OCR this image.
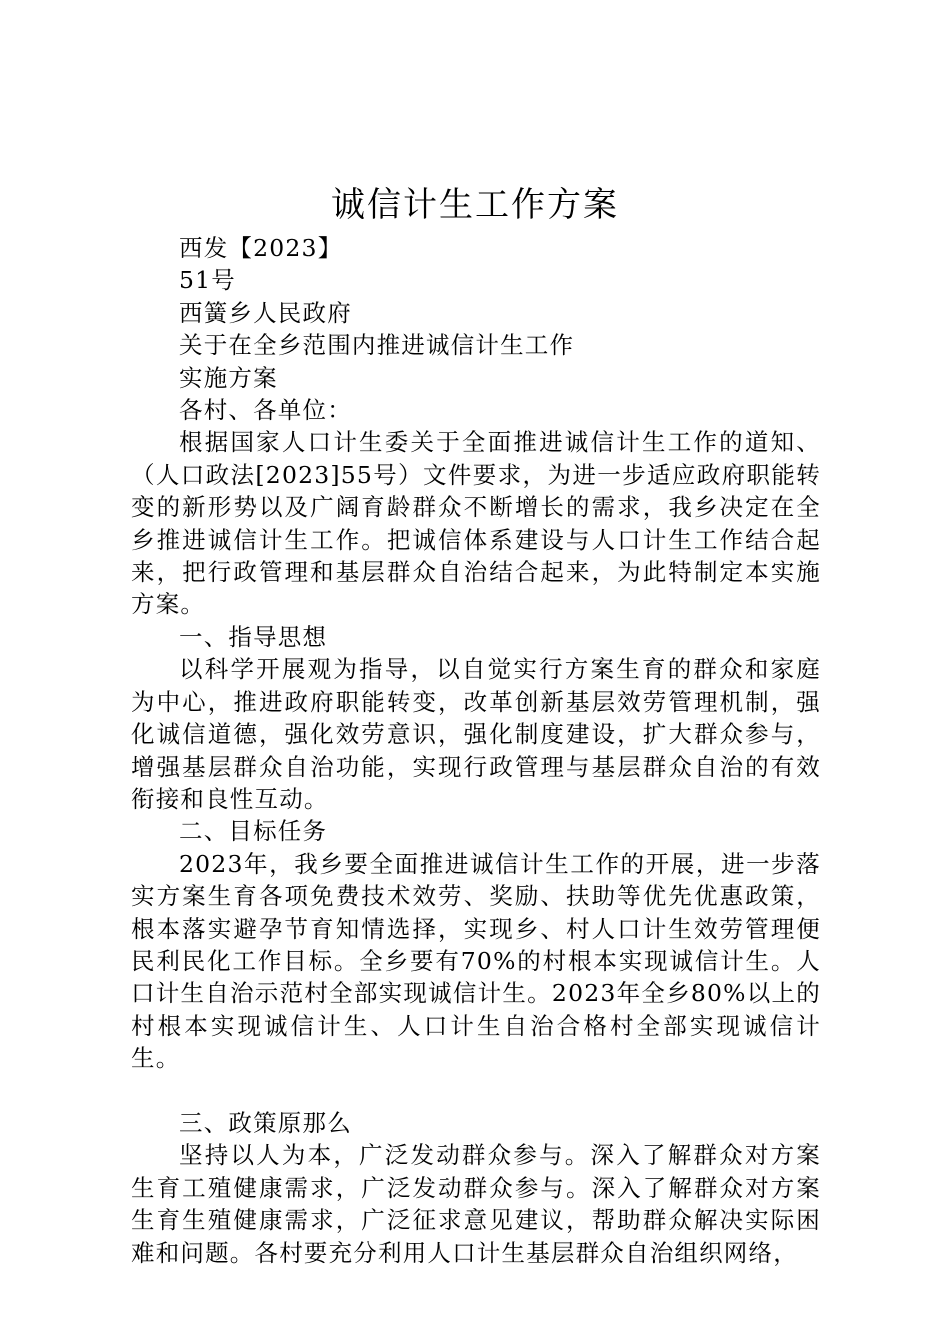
诚信计生工作方案

西发【2023】

51号

西簧乡人民政府

关于在全乡范围内推进诚信计生工作

实施方案

各村、各单位：

根据国家人口计生委关于全面推进诚信计生工作的道知、（人口政法[2023]55号）文件要求，为进一步适应政府职能转变的新形势以及广阔育龄群众不断增长的需求，我乡决定在全乡推进诚信计生工作。把诚信体系建设与人口计生工作结合起来，把行政管理和基层群众自治结合起来，为此特制定本实施方案。

一、指导思想

以科学开展观为指导，以自觉实行方案生育的群众和家庭为中心，推进政府职能转变，改革创新基层效劳管理机制，强化诚信道德，强化效劳意识，强化制度建设，扩大群众参与，增强基层群众自治功能，实现行政管理与基层群众自治的有效衔接和良性互动。

二、目标任务

2023年，我乡要全面推进诚信计生工作的开展，进一步落实方案生育各项免费技术效劳、奖励、扶助等优先优惠政策，根本落实避孕节育知情选择，实现乡、村人口计生效劳管理便民利民化工作目标。全乡要有70%的村根本实现诚信计生。人口计生自治示范村全部实现诚信计生。2023年全乡80%以上的村根本实现诚信计生、人口计生自治合格村全部实现诚信计生。

三、政策原那么

坚持以人为本，广泛发动群众参与。深入了解群众对方案生育工殖健康需求，广泛发动群众参与。深入了解群众对方案生育生殖健康需求，广泛征求意见建议，帮助群众解决实际困难和问题。各村要充分利用人口计生基层群众自治组织网络，
